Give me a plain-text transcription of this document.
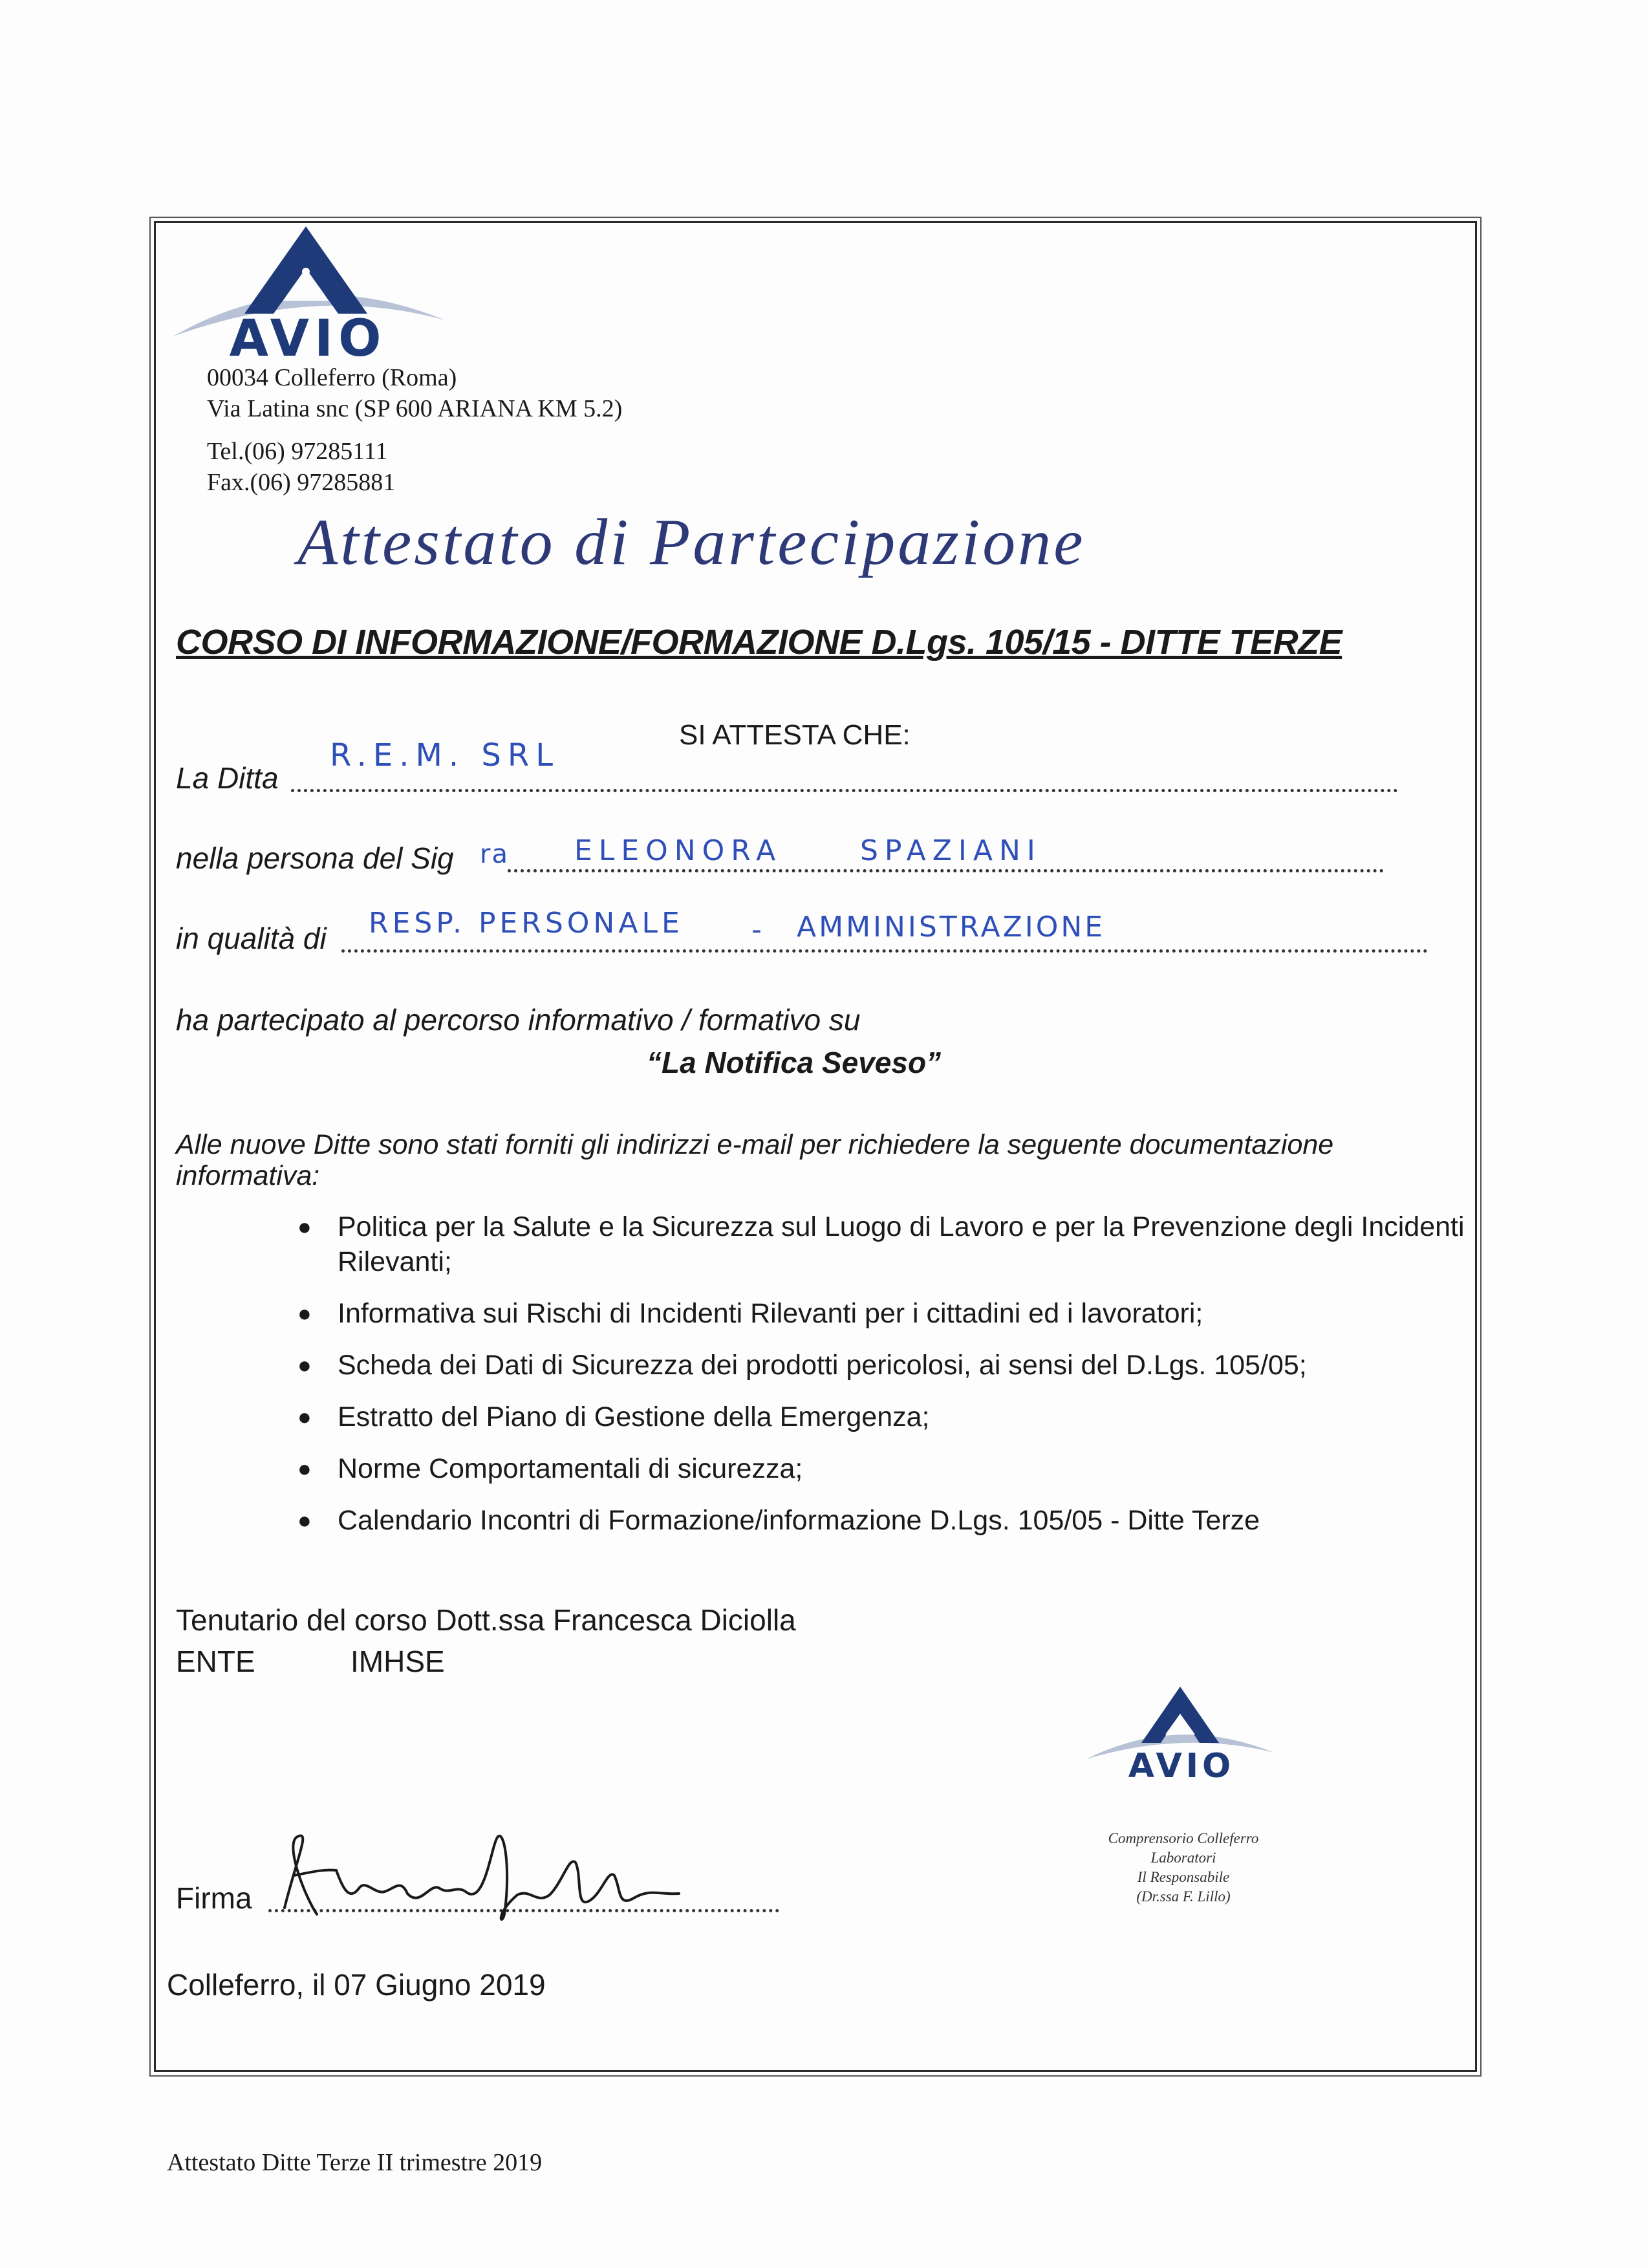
AVIO
00034 Colleferro (Roma)
Via Latina snc (SP 600 ARIANA KM 5.2)
Tel.(06) 97285111
Fax.(06) 97285881
Attestato di Partecipazione
CORSO DI INFORMAZIONE/FORMAZIONE D.Lgs. 105/15 - DITTE TERZE
SI ATTESTA CHE:
La Ditta
R.E.M. SRL
nella persona del Sig ra ELEONORA	SPAZIANI
in qualità di RESP. PERSONALE - AMMINISTRAZIONE
ha partecipato al percorso informativo / formativo su
“La Notifica Seveso”
Alle nuove Ditte sono stati forniti gli indirizzi e-mail per richiedere la seguente documentazione
informativa:
● Politica per la Salute e la Sicurezza sul Luogo di Lavoro e per la Prevenzione degli Incidenti Rilevanti;
● Informativa sui Rischi di Incidenti Rilevanti per i cittadini ed i lavoratori;
● Scheda dei Dati di Sicurezza dei prodotti pericolosi, ai sensi del D.Lgs. 105/05;
● Estratto del Piano di Gestione della Emergenza;
● Norme Comportamentali di sicurezza;
● Calendario Incontri di Formazione/informazione D.Lgs. 105/05 - Ditte Terze
Tenutario del corso Dott.ssa Francesca Diciolla
ENTE	IMHSE
Firma
Colleferro, il 07 Giugno 2019
AVIO
Comprensorio Colleferro
Laboratori
Il Responsabile
(Dr.ssa F. Lillo)
Attestato Ditte Terze II trimestre 2019
